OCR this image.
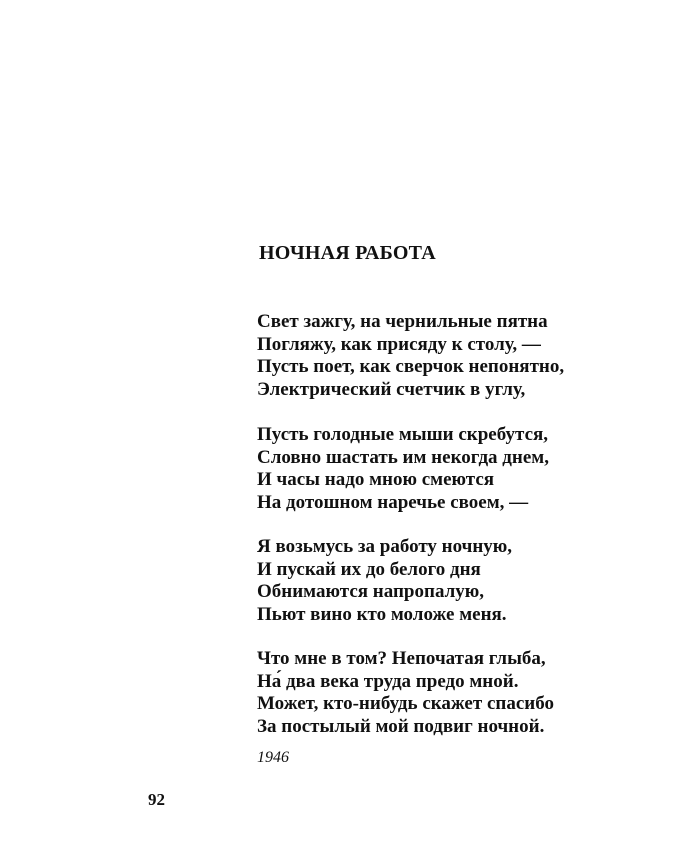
НОЧНАЯ РАБОТА
Свет зажгу, на чернильные пятна
Погляжу, как присяду к столу, —
Пусть поет, как сверчок непонятно,
Электрический счетчик в углу,
Пусть голодные мыши скребутся,
Словно шастать им некогда днем,
И часы надо мною смеются
На дотошном наречье своем, —
Я возьмусь за работу ночную,
И пускай их до белого дня
Обнимаются напропалую,
Пьют вино кто моложе меня.
Что мне в том? Непочатая глыба,
На́ два века труда предо мной.
Может, кто-нибудь скажет спасибо
За постылый мой подвиг ночной.
1946
92
